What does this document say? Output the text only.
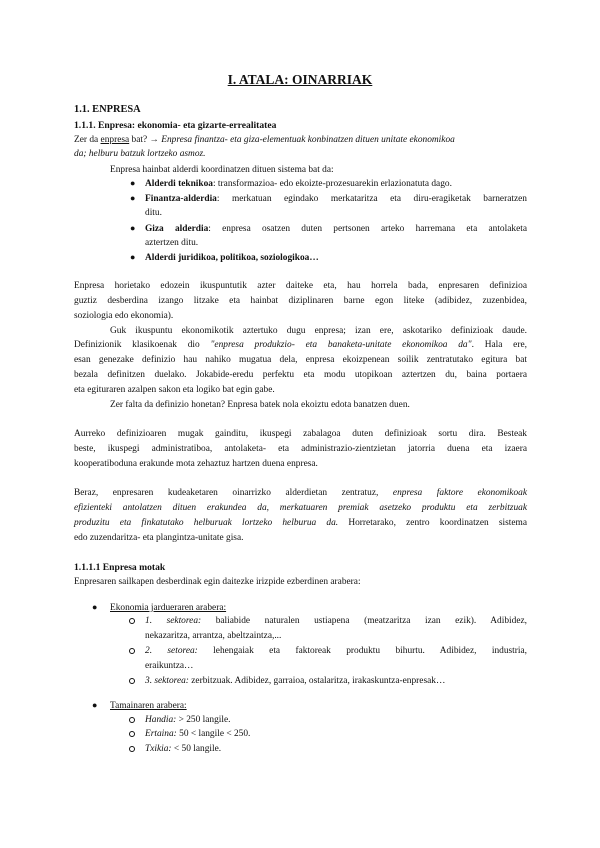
I. ATALA: OINARRIAK
1.1. ENPRESA
1.1.1. Enpresa: ekonomia- eta gizarte-errealitatea
Zer da enpresa bat? → Enpresa finantza- eta giza-elementuak konbinatzen dituen unitate ekonomikoa
da; helburu batzuk lortzeko asmoz.
Enpresa hainbat alderdi koordinatzen dituen sistema bat da:
● Alderdi teknikoa: transformazioa- edo ekoizte-prozesuarekin erlazionatuta dago.
● Finantza-alderdia: merkatuan egindako merkataritza eta diru-eragiketak barneratzen
ditu.
● Giza alderdia: enpresa osatzen duten pertsonen arteko harremana eta antolaketa
aztertzen ditu.
● Alderdi juridikoa, politikoa, soziologikoa…
Enpresa horietako edozein ikuspuntutik azter daiteke eta, hau horrela bada, enpresaren definizioa
guztiz desberdina izango litzake eta hainbat diziplinaren barne egon liteke (adibidez, zuzenbidea,
soziologia edo ekonomia).
Guk ikuspuntu ekonomikotik aztertuko dugu enpresa; izan ere, askotariko definizioak daude.
Definizionik klasikoenak dio "enpresa produkzio- eta banaketa-unitate ekonomikoa da". Hala ere,
esan genezake definizio hau nahiko mugatua dela, enpresa ekoizpenean soilik zentratutako egitura bat
bezala definitzen duelako. Jokabide-eredu perfektu eta modu utopikoan aztertzen du, baina portaera
eta egituraren azalpen sakon eta logiko bat egin gabe.
Zer falta da definizio honetan? Enpresa batek nola ekoiztu edota banatzen duen.
Aurreko definizioaren mugak gainditu, ikuspegi zabalagoa duten definizioak sortu dira. Besteak
beste, ikuspegi administratiboa, antolaketa- eta administrazio-zientzietan jatorria duena eta izaera
kooperatiboduna erakunde mota zehaztuz hartzen duena enpresa.
Beraz, enpresaren kudeaketaren oinarrizko alderdietan zentratuz, enpresa faktore ekonomikoak
efizienteki antolatzen dituen erakundea da, merkatuaren premiak asetzeko produktu eta zerbitzuak
produzitu eta finkatutako helburuak lortzeko helburua da. Horretarako, zentro koordinatzen sistema
edo zuzendaritza- eta plangintza-unitate gisa.
1.1.1.1 Enpresa motak
Enpresaren sailkapen desberdinak egin daitezke irizpide ezberdinen arabera:
● Ekonomia jardueraren arabera:
1. sektorea: baliabide naturalen ustiapena (meatzaritza izan ezik). Adibidez,
nekazaritza, arrantza, abeltzaintza,...
2. setorea: lehengaiak eta faktoreak produktu bihurtu. Adibidez, industria,
eraikuntza…
3. sektorea: zerbitzuak. Adibidez, garraioa, ostalaritza, irakaskuntza-enpresak…
● Tamainaren arabera:
Handia: > 250 langile.
Ertaina: 50 < langile < 250.
Txikia: < 50 langile.
